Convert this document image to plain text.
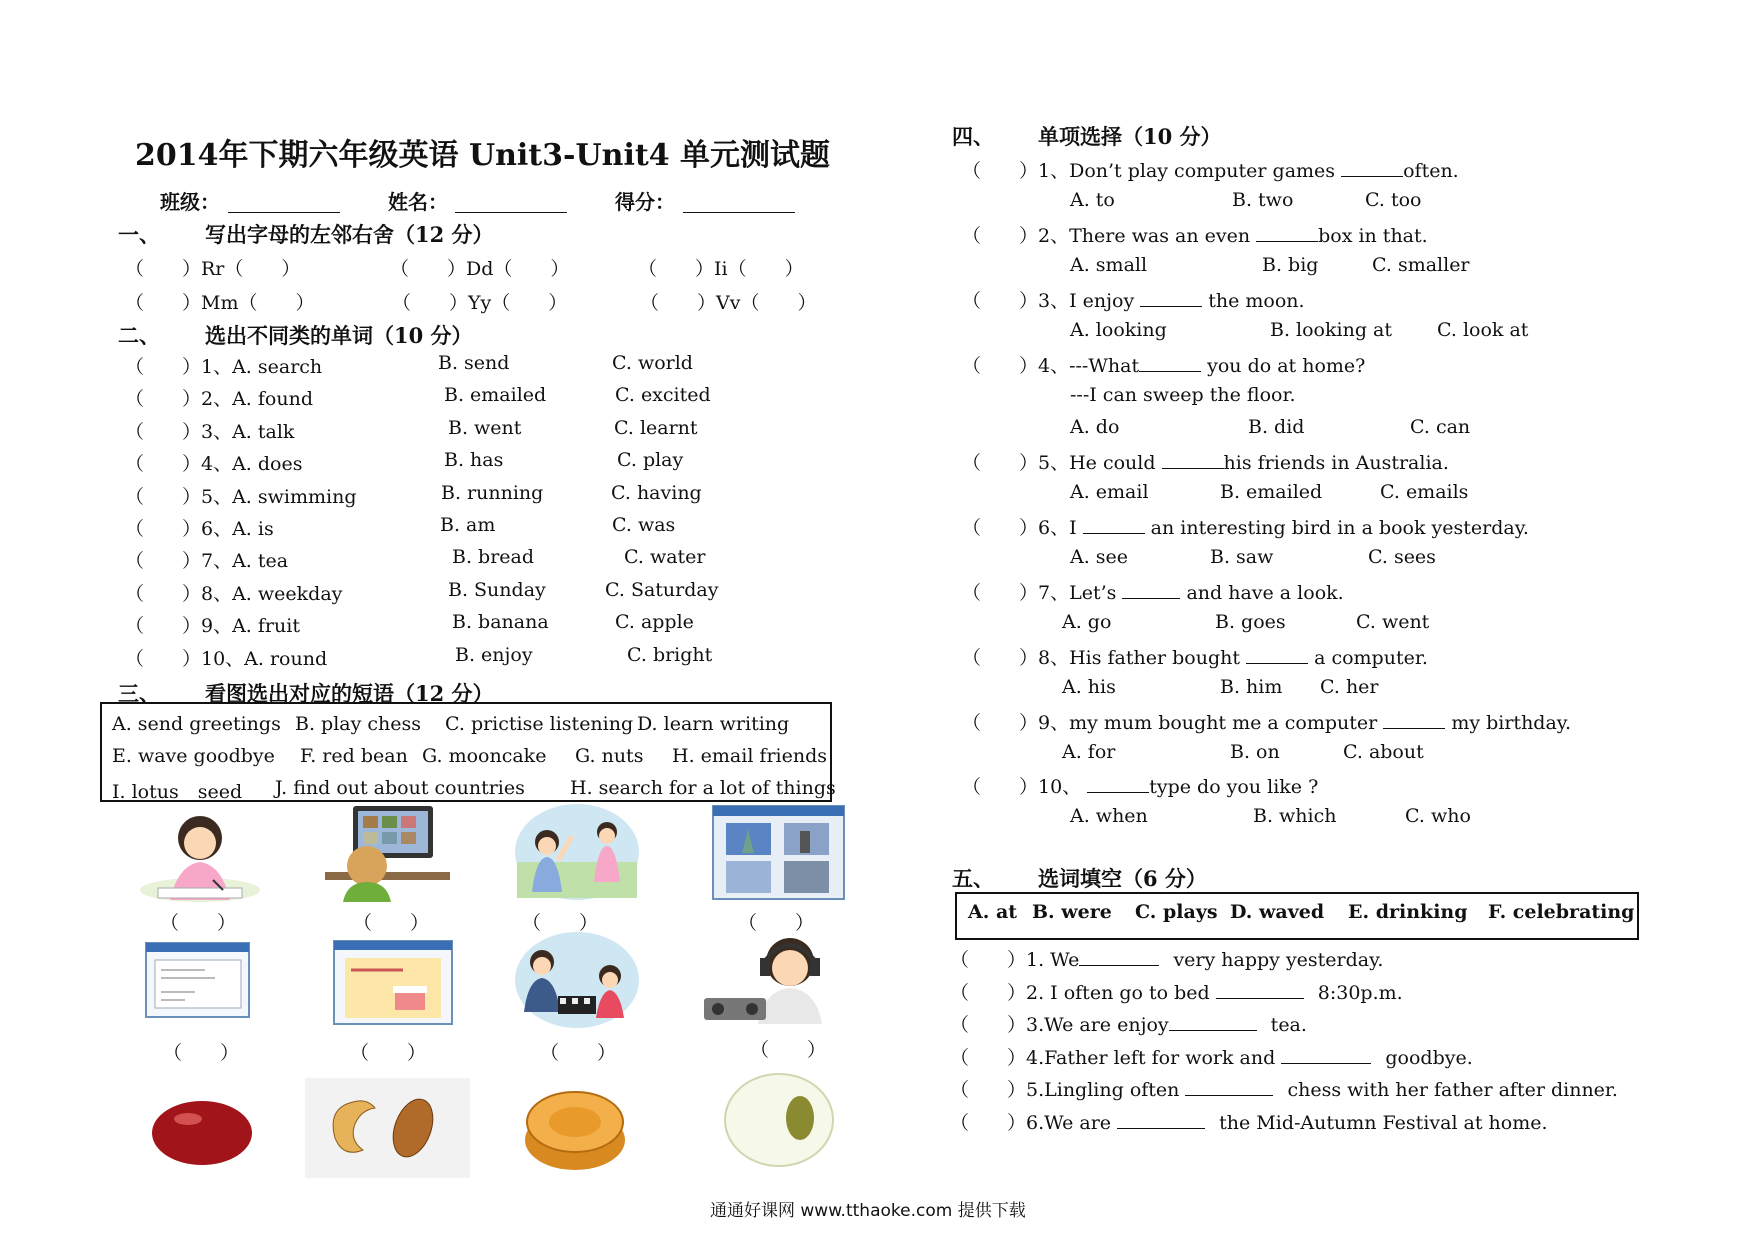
2014年下期六年级英语 Unit3-Unit4 单元测试题
班级：	姓名：	得分：
一、 写出字母的左邻右舍（12 分）
（　　）Rr（　　）	（　　）Dd（　　）	（　　）Ii（　　）
（　　）Mm（　　）	（　　）Yy（　　）	（　　）Vv（　　）
二、 选出不同类的单词（10 分）
（　　）1、A. search	B. send	C. world
（　　）2、A. found	B. emailed	C. excited
（　　）3、A. talk	B. went	C. learnt
（　　）4、A. does	B. has	C. play
（　　）5、A. swimming	B. running	C. having
（　　）6、A. is	B. am	C. was
（　　）7、A. tea	B. bread	C. water
（　　）8、A. weekday	B. Sunday	C. Saturday
（　　）9、A. fruit	B. banana	C. apple
（　　）10、A. round	B. enjoy	C. bright
三、 看图选出对应的短语（12 分）
A. send greetings B. play chess C. prictise listening D. learn writing
E. wave goodbye F. red bean G. mooncake G. nuts H. email friends
I. lotus　seed J. find out about countries H. search for a lot of things
（　　）	（　　）	（　　）	（　　）
（　　）	（　　）	（　　）	（　　）
四、 单项选择（10 分）
（　　）1、Don’t play computer games	often.
A. to	B. two	C. too
（　　）2、There was an even	box in that.
A. small	B. big	C. smaller
（　　）3、I enjoy	the moon.
A. looking	B. looking at C. look at
（　　）4、---What	you do at home?
---I can sweep the floor.
A. do	B. did	C. can
（　　）5、He could	his friends in Australia.
A. email	B. emailed	C. emails
（　　）6、I	an interesting bird in a book yesterday.
A. see	B. saw	C. sees
（　　）7、Let’s	and have a look.
A. go	B. goes	C. went
（　　）8、His father bought	a computer.
A. his	B. him C. her
（　　）9、my mum bought me a computer	my birthday.
A. for	B. on	C. about
（　　）10、	type do you like ?
A. when	B. which	C. who
五、 选词填空（6 分）
A. at B. were C. plays D. waved E. drinking F. celebrating
（　　）1. We	very happy yesterday.
（　　）2. I often go to bed	8:30p.m.
（　　）3.We are enjoy	tea.
（　　）4.Father left for work and	goodbye.
（　　）5.Lingling often	chess with her father after dinner.
（　　）6.We are	the Mid-Autumn Festival at home.
通通好课网 www.tthaoke.com 提供下载
